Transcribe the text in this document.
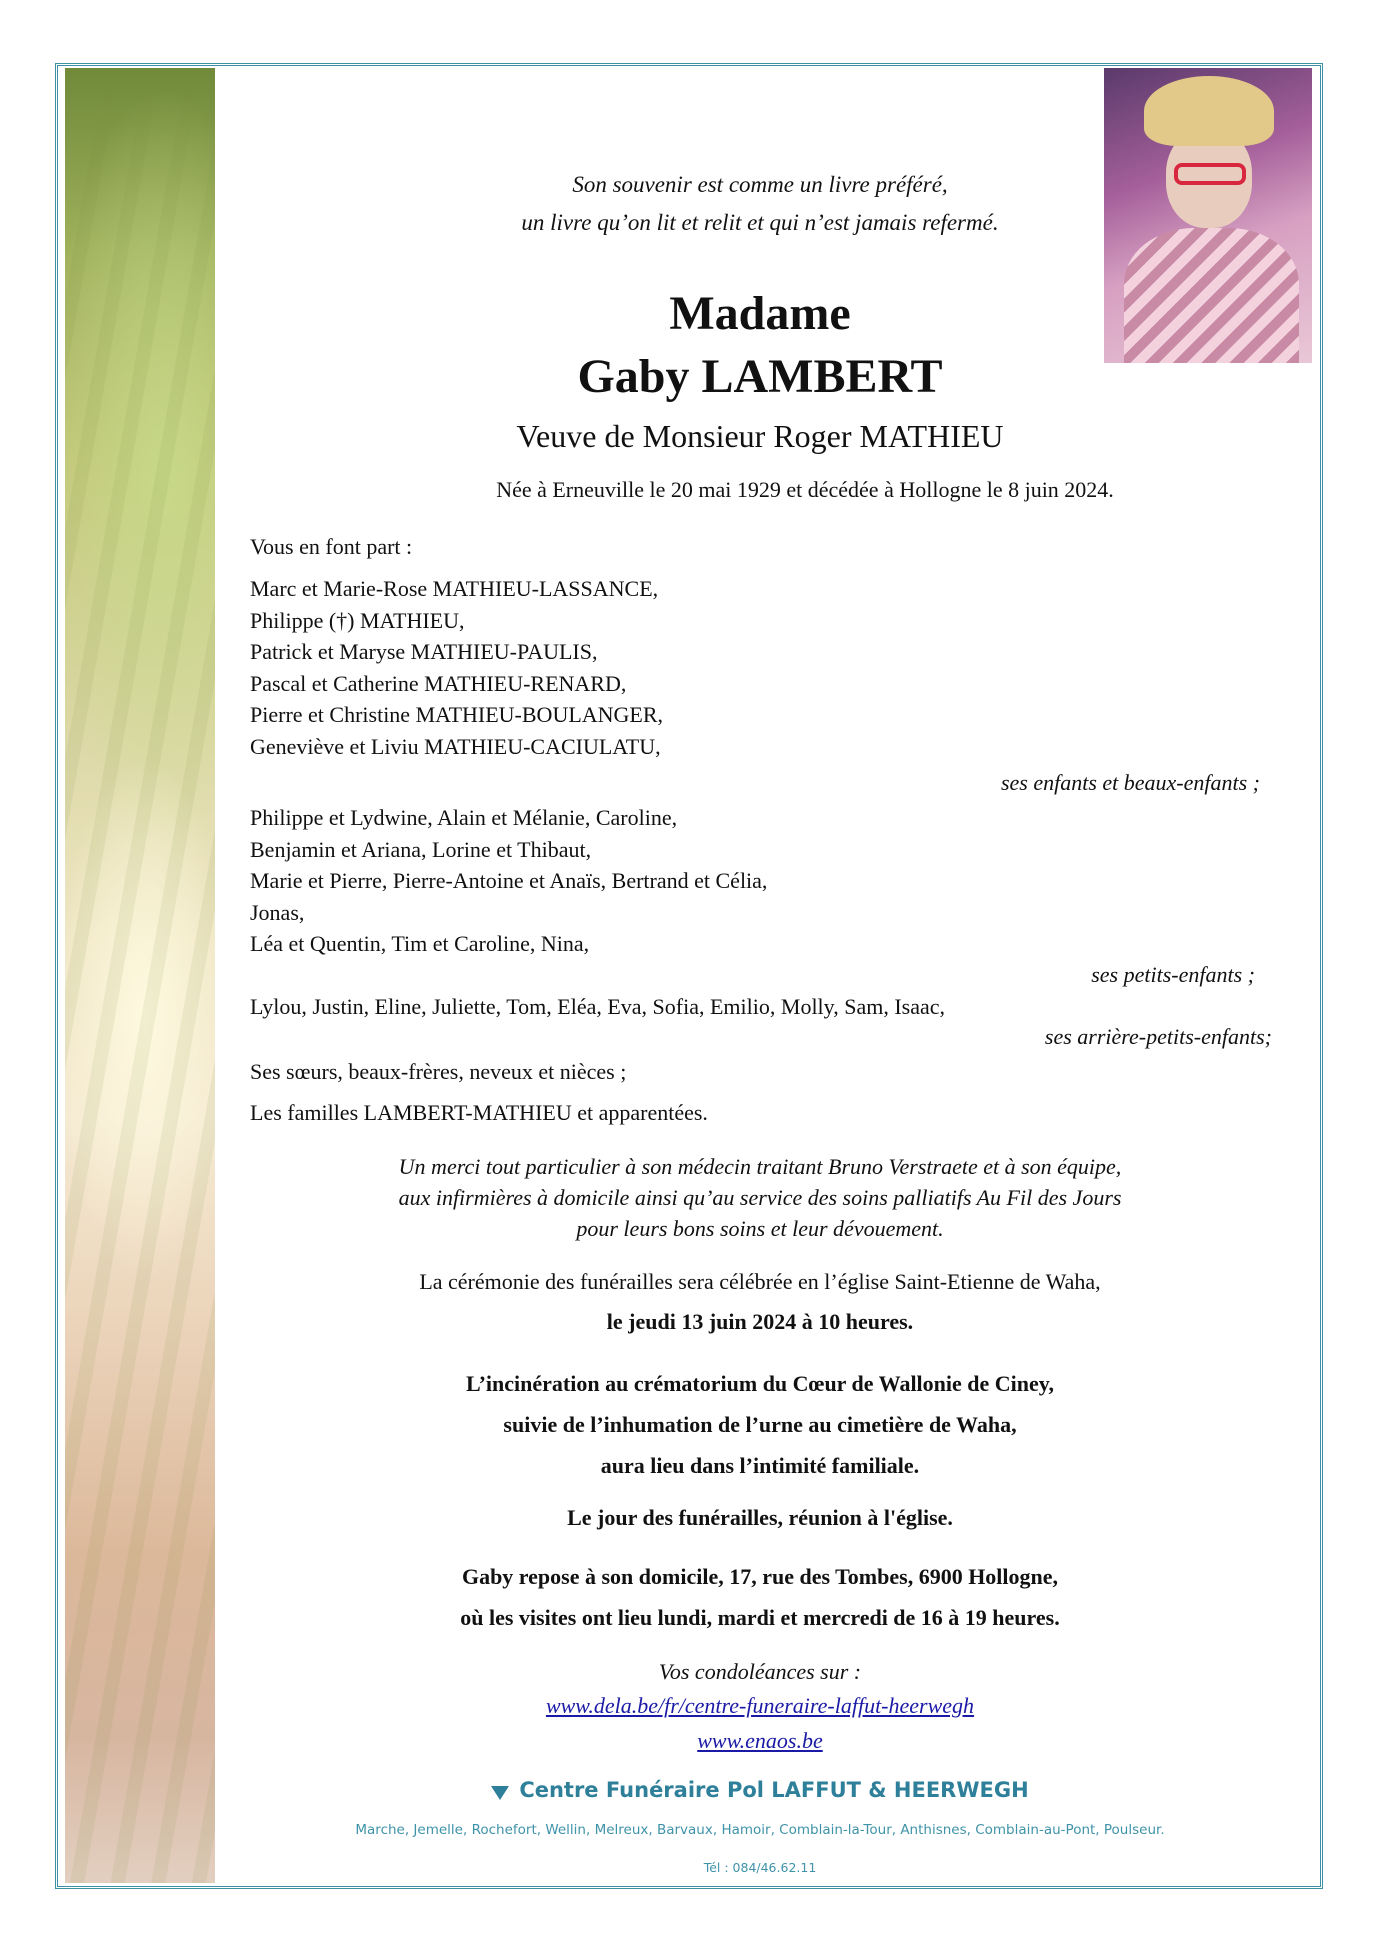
Son souvenir est comme un livre préféré,
un livre qu’on lit et relit et qui n’est jamais refermé.
Madame
Gaby LAMBERT
Veuve de Monsieur Roger MATHIEU
Née à Erneuville le 20 mai 1929 et décédée à Hollogne le 8 juin 2024.
Vous en font part :
Marc et Marie-Rose MATHIEU-LASSANCE,
Philippe (†) MATHIEU,
Patrick et Maryse MATHIEU-PAULIS,
Pascal et Catherine MATHIEU-RENARD,
Pierre et Christine MATHIEU-BOULANGER,
Geneviève et Liviu MATHIEU-CACIULATU,
ses enfants et beaux-enfants ;
Philippe et Lydwine, Alain et Mélanie, Caroline,
Benjamin et Ariana, Lorine et Thibaut,
Marie et Pierre, Pierre-Antoine et Anaïs, Bertrand et Célia,
Jonas,
Léa et Quentin, Tim et Caroline, Nina,
ses petits-enfants ;
Lylou, Justin, Eline, Juliette, Tom, Eléa, Eva, Sofia, Emilio, Molly, Sam, Isaac,
ses arrière-petits-enfants;
Ses sœurs, beaux-frères, neveux et nièces ;
Les familles LAMBERT-MATHIEU et apparentées.
Un merci tout particulier à son médecin traitant Bruno Verstraete et à son équipe,
aux infirmières à domicile ainsi qu’au service des soins palliatifs Au Fil des Jours
pour leurs bons soins et leur dévouement.
La cérémonie des funérailles sera célébrée en l’église Saint-Etienne de Waha,
le jeudi 13 juin 2024 à 10 heures.
L’incinération au crématorium du Cœur de Wallonie de Ciney,
suivie de l’inhumation de l’urne au cimetière de Waha,
aura lieu dans l’intimité familiale.
Le jour des funérailles, réunion à l'église.
Gaby repose à son domicile, 17, rue des Tombes, 6900 Hollogne,
où les visites ont lieu lundi, mardi et mercredi de 16 à 19 heures.
Vos condoléances sur :
www.dela.be/fr/centre-funeraire-laffut-heerwegh
www.enaos.be
Centre Funéraire Pol LAFFUT & HEERWEGH
Marche, Jemelle, Rochefort, Wellin, Melreux, Barvaux, Hamoir, Comblain-la-Tour, Anthisnes, Comblain-au-Pont, Poulseur.
Tél : 084/46.62.11
